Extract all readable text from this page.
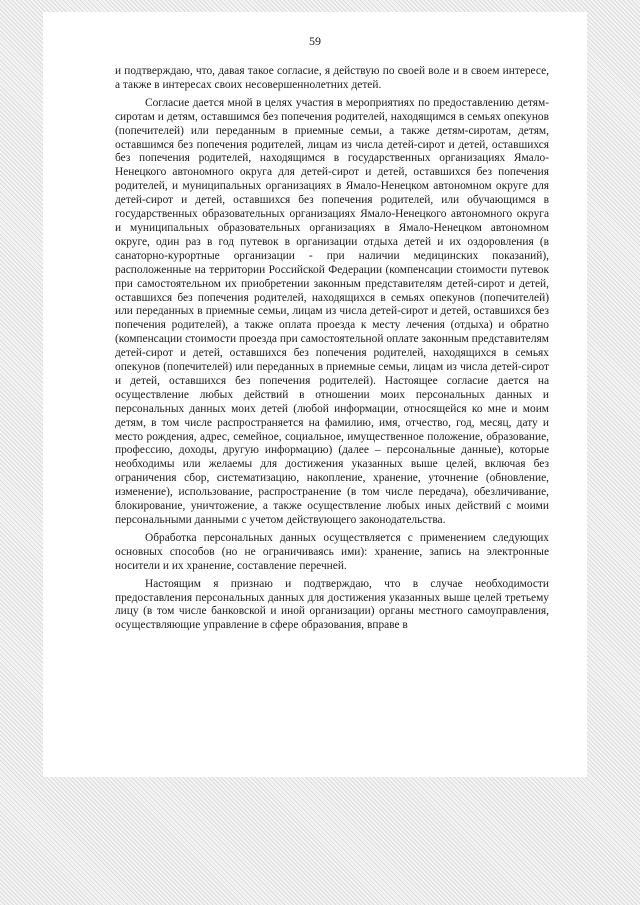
59

и подтверждаю, что, давая такое согласие, я действую по своей воле и в своем интересе, а также в интересах своих несовершеннолетних детей.

Согласие дается мной в целях участия в мероприятиях по предоставлению детям-сиротам и детям, оставшимся без попечения родителей, находящимся в семьях опекунов (попечителей) или переданным в приемные семьи, а также детям-сиротам, детям, оставшимся без попечения родителей, лицам из числа детей-сирот и детей, оставшихся без попечения родителей, находящимся в государственных организациях Ямало-Ненецкого автономного округа для детей-сирот и детей, оставшихся без попечения родителей, и муниципальных организациях в Ямало-Ненецком автономном округе для детей-сирот и детей, оставшихся без попечения родителей, или обучающимся в государственных образовательных организациях Ямало-Ненецкого автономного округа и муниципальных образовательных организациях в Ямало-Ненецком автономном округе, один раз в год путевок в организации отдыха детей и их оздоровления (в санаторно-курортные организации - при наличии медицинских показаний), расположенные на территории Российской Федерации (компенсации стоимости путевок при самостоятельном их приобретении законным представителям детей-сирот и детей, оставшихся без попечения родителей, находящихся в семьях опекунов (попечителей) или переданных в приемные семьи, лицам из числа детей-сирот и детей, оставшихся без попечения родителей), а также оплата проезда к месту лечения (отдыха) и обратно (компенсации стоимости проезда при самостоятельной оплате законным представителям детей-сирот и детей, оставшихся без попечения родителей, находящихся в семьях опекунов (попечителей) или переданных в приемные семьи, лицам из числа детей-сирот и детей, оставшихся без попечения родителей). Настоящее согласие дается на осуществление любых действий в отношении моих персональных данных и персональных данных моих детей (любой информации, относящейся ко мне и моим детям, в том числе распространяется на фамилию, имя, отчество, год, месяц, дату и место рождения, адрес, семейное, социальное, имущественное положение, образование, профессию, доходы, другую информацию) (далее – персональные данные), которые необходимы или желаемы для достижения указанных выше целей, включая без ограничения сбор, систематизацию, накопление, хранение, уточнение (обновление, изменение), использование, распространение (в том числе передача), обезличивание, блокирование, уничтожение, а также осуществление любых иных действий с моими персональными данными с учетом действующего законодательства.

Обработка персональных данных осуществляется с применением следующих основных способов (но не ограничиваясь ими): хранение, запись на электронные носители и их хранение, составление перечней.

Настоящим я признаю и подтверждаю, что в случае необходимости предоставления персональных данных для достижения указанных выше целей третьему лицу (в том числе банковской и иной организации) органы местного самоуправления, осуществляющие управление в сфере образования, вправе в
